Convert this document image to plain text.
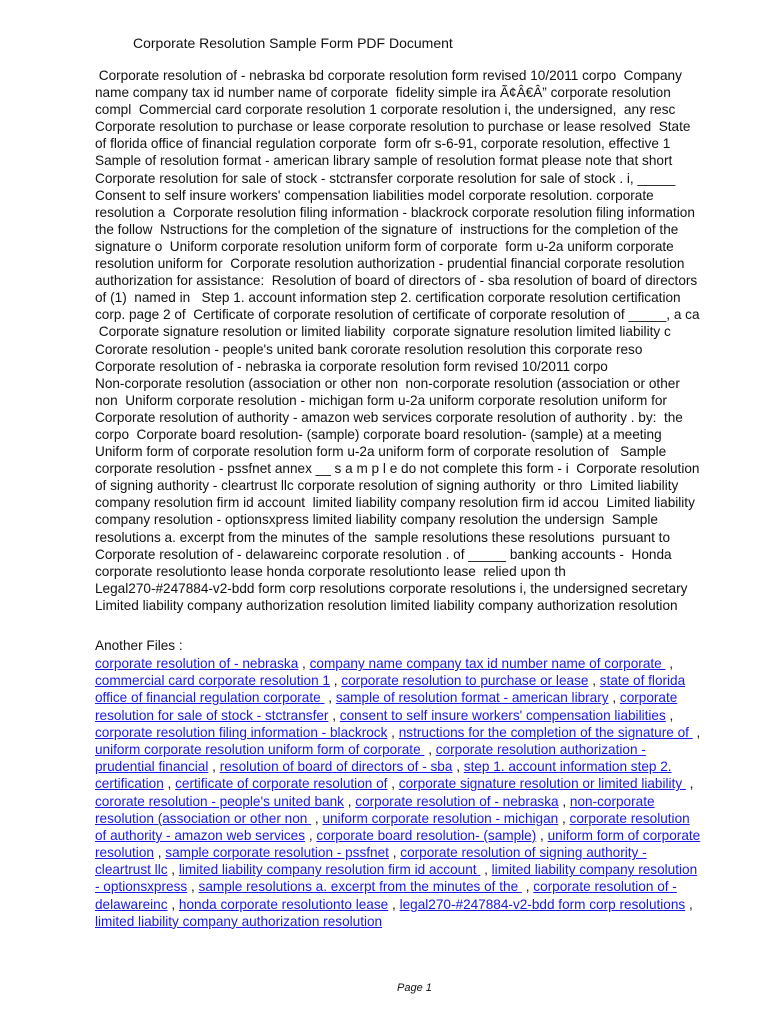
Corporate Resolution Sample Form PDF Document
Corporate resolution of - nebraska bd corporate resolution form revised 10/2011 corpo  Company
name company tax id number name of corporate  fidelity simple ira Ã¢Â€Â” corporate resolution
compl  Commercial card corporate resolution 1 corporate resolution i, the undersigned,  any resc
Corporate resolution to purchase or lease corporate resolution to purchase or lease resolved  State
of florida office of financial regulation corporate  form ofr s-6-91, corporate resolution, effective 1
Sample of resolution format - american library sample of resolution format please note that short
Corporate resolution for sale of stock - stctransfer corporate resolution for sale of stock . i, _____
Consent to self insure workers' compensation liabilities model corporate resolution. corporate
resolution a  Corporate resolution filing information - blackrock corporate resolution filing information
the follow  Nstructions for the completion of the signature of  instructions for the completion of the
signature o  Uniform corporate resolution uniform form of corporate  form u-2a uniform corporate
resolution uniform for  Corporate resolution authorization - prudential financial corporate resolution
authorization for assistance:  Resolution of board of directors of - sba resolution of board of directors
of (1)  named in   Step 1. account information step 2. certification corporate resolution certification
corp. page 2 of  Certificate of corporate resolution of certificate of corporate resolution of _____, a ca
Corporate signature resolution or limited liability  corporate signature resolution limited liability c
Cororate resolution - people's united bank cororate resolution resolution this corporate reso
Corporate resolution of - nebraska ia corporate resolution form revised 10/2011 corpo
Non-corporate resolution (association or other non  non-corporate resolution (association or other
non  Uniform corporate resolution - michigan form u-2a uniform corporate resolution uniform for
Corporate resolution of authority - amazon web services corporate resolution of authority . by:  the
corpo  Corporate board resolution- (sample) corporate board resolution- (sample) at a meeting
Uniform form of corporate resolution form u-2a uniform form of corporate resolution of   Sample
corporate resolution - pssfnet annex __ s a m p l e do not complete this form - i  Corporate resolution
of signing authority - cleartrust llc corporate resolution of signing authority  or thro  Limited liability
company resolution firm id account  limited liability company resolution firm id accou  Limited liability
company resolution - optionsxpress limited liability company resolution the undersign  Sample
resolutions a. excerpt from the minutes of the  sample resolutions these resolutions  pursuant to
Corporate resolution of - delawareinc corporate resolution . of _____ banking accounts -  Honda
corporate resolutionto lease honda corporate resolutionto lease  relied upon th
Legal270-#247884-v2-bdd form corp resolutions corporate resolutions i, the undersigned secretary
Limited liability company authorization resolution limited liability company authorization resolution
Another Files :
corporate resolution of - nebraska , company name company tax id number name of corporate  ,
commercial card corporate resolution 1 , corporate resolution to purchase or lease , state of florida
office of financial regulation corporate  , sample of resolution format - american library , corporate
resolution for sale of stock - stctransfer , consent to self insure workers' compensation liabilities ,
corporate resolution filing information - blackrock , nstructions for the completion of the signature of  ,
uniform corporate resolution uniform form of corporate  , corporate resolution authorization -
prudential financial , resolution of board of directors of - sba , step 1. account information step 2.
certification , certificate of corporate resolution of , corporate signature resolution or limited liability  ,
cororate resolution - people's united bank , corporate resolution of - nebraska , non-corporate
resolution (association or other non  , uniform corporate resolution - michigan , corporate resolution
of authority - amazon web services , corporate board resolution- (sample) , uniform form of corporate
resolution , sample corporate resolution - pssfnet , corporate resolution of signing authority -
cleartrust llc , limited liability company resolution firm id account  , limited liability company resolution
- optionsxpress , sample resolutions a. excerpt from the minutes of the  , corporate resolution of -
delawareinc , honda corporate resolutionto lease , legal270-#247884-v2-bdd form corp resolutions ,
limited liability company authorization resolution
Page 1
